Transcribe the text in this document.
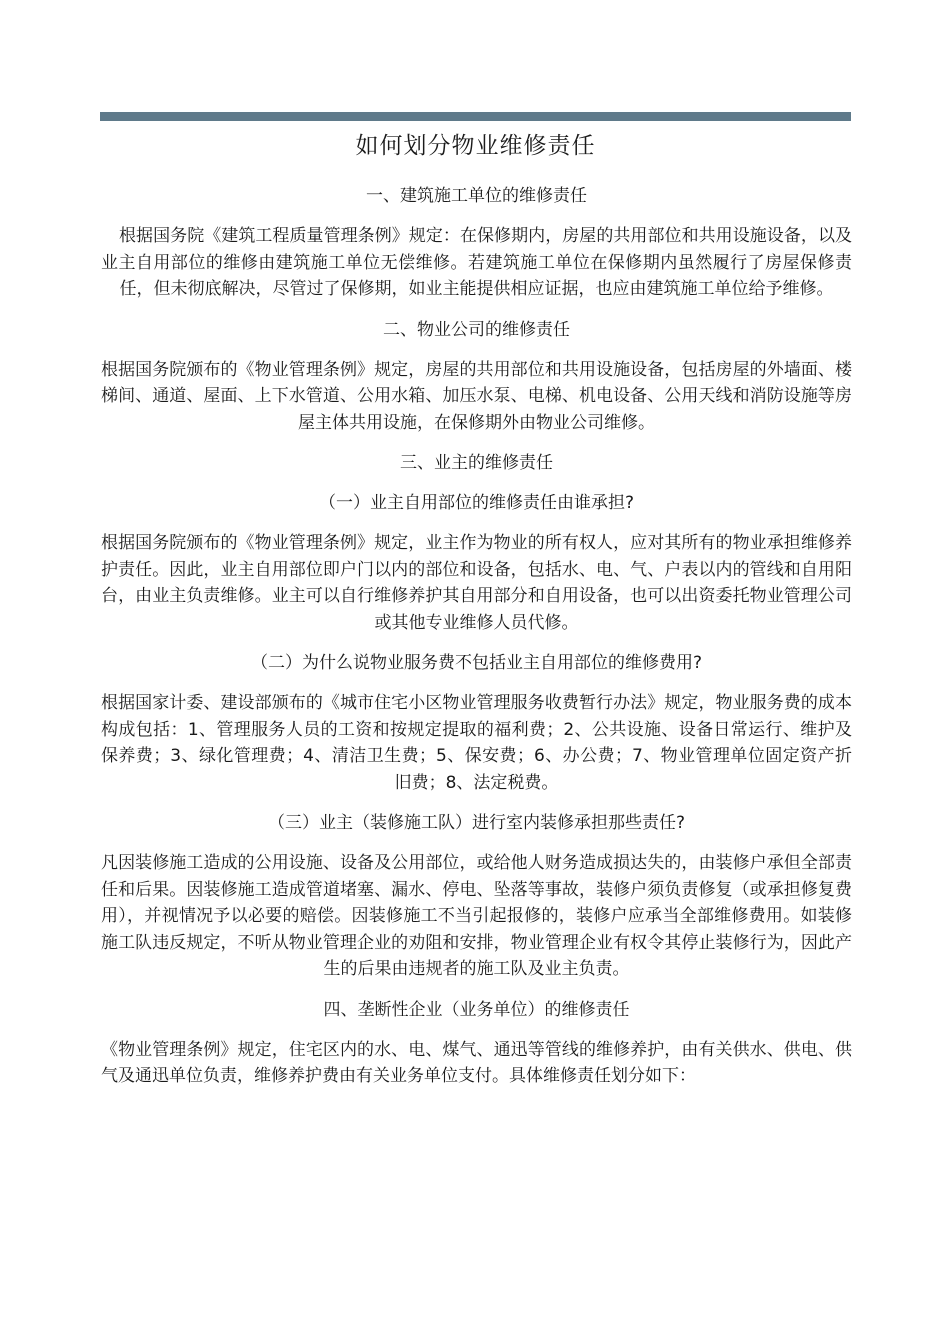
如何划分物业维修责任

一、建筑施工单位的维修责任

根据国务院《建筑工程质量管理条例》规定：在保修期内，房屋的共用部位和共用设施设备，以及业主自用部位的维修由建筑施工单位无偿维修。若建筑施工单位在保修期内虽然履行了房屋保修责任，但未彻底解决，尽管过了保修期，如业主能提供相应证据，也应由建筑施工单位给予维修。

二、物业公司的维修责任

根据国务院颁布的《物业管理条例》规定，房屋的共用部位和共用设施设备，包括房屋的外墙面、楼梯间、通道、屋面、上下水管道、公用水箱、加压水泵、电梯、机电设备、公用天线和消防设施等房屋主体共用设施，在保修期外由物业公司维修。

三、业主的维修责任

（一）业主自用部位的维修责任由谁承担?

根据国务院颁布的《物业管理条例》规定，业主作为物业的所有权人，应对其所有的物业承担维修养护责任。因此，业主自用部位即户门以内的部位和设备，包括水、电、气、户表以内的管线和自用阳台，由业主负责维修。业主可以自行维修养护其自用部分和自用设备，也可以出资委托物业管理公司或其他专业维修人员代修。

（二）为什么说物业服务费不包括业主自用部位的维修费用?

根据国家计委、建设部颁布的《城市住宅小区物业管理服务收费暂行办法》规定，物业服务费的成本构成包括：1、管理服务人员的工资和按规定提取的福利费；2、公共设施、设备日常运行、维护及保养费；3、绿化管理费；4、清洁卫生费；5、保安费；6、办公费；7、物业管理单位固定资产折旧费；8、法定税费。

（三）业主（装修施工队）进行室内装修承担那些责任?

凡因装修施工造成的公用设施、设备及公用部位，或给他人财务造成损达失的，由装修户承但全部责任和后果。因装修施工造成管道堵塞、漏水、停电、坠落等事故，装修户须负责修复（或承担修复费用），并视情况予以必要的赔偿。因装修施工不当引起报修的，装修户应承当全部维修费用。如装修施工队违反规定，不听从物业管理企业的劝阻和安排，物业管理企业有权令其停止装修行为，因此产生的后果由违规者的施工队及业主负责。

四、垄断性企业（业务单位）的维修责任

《物业管理条例》规定，住宅区内的水、电、煤气、通迅等管线的维修养护，由有关供水、供电、供气及通迅单位负责，维修养护费由有关业务单位支付。具体维修责任划分如下：
